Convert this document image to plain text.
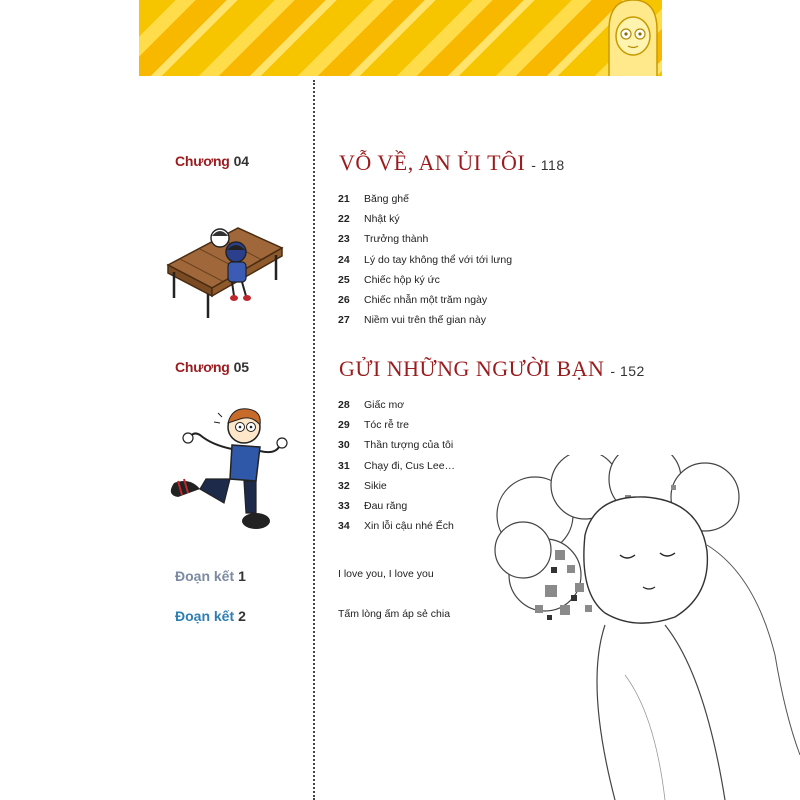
Chương 04	VỖ VỀ, AN ỦI TÔI - 118
21 Băng ghế
22 Nhật ký
23 Trưởng thành
24 Lý do tay không thể với tới lưng
25 Chiếc hộp ký ức
26 Chiếc nhẫn một trăm ngày
27 Niềm vui trên thế gian này
Chương 05	GỬI NHỮNG NGƯỜI BẠN - 152
28 Giấc mơ
29 Tóc rễ tre
30 Thần tượng của tôi
31 Chạy đi, Cus Lee…
32 Sikie
33 Đau răng
34 Xin lỗi cậu nhé Ếch
Đoạn kết 1	I love you, I love you
Đoạn kết 2	Tấm lòng ấm áp sẻ chia
